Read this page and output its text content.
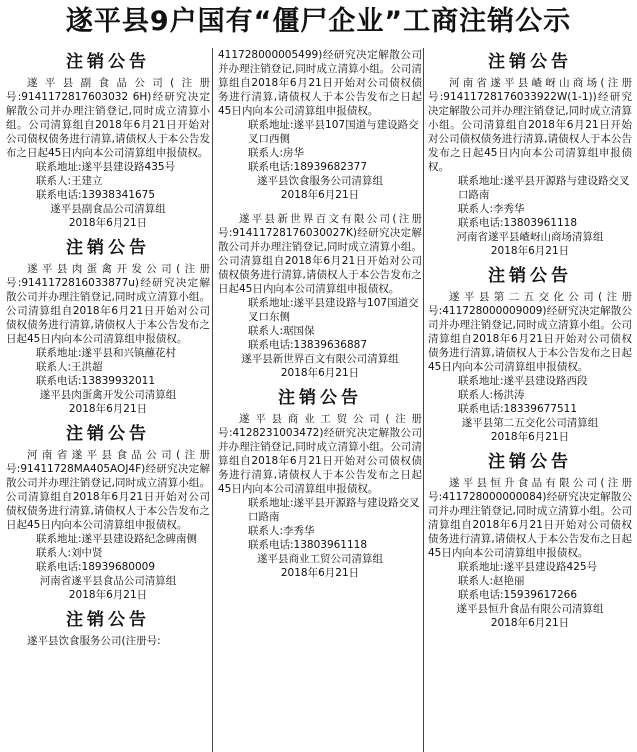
遂平县9户国有“僵尸企业”工商注销公示
注销公告

遂平县副食品公司(注册号:9141172817603032 6H)经研究决定解散公司并办理注销登记,同时成立清算小组。公司清算组自2018年6月21日开始对公司债权债务进行清算,请债权人于本公告发布之日起45日内向本公司清算组申报债权。

联系地址:遂平县建设路435号

联系人:王建立

联系电话:13938341675

遂平县副食品公司清算组

2018年6月21日

注销公告

遂平县肉蛋禽开发公司(注册号:9141172816033877u)经研究决定解散公司并办理注销登记,同时成立清算小组。公司清算组自2018年6月21日开始对公司债权债务进行清算,请债权人于本公告发布之日起45日内向本公司清算组申报债权。

联系地址:遂平县和兴镇蘸花村

联系人:王洪超

联系电话:13839932011

遂平县肉蛋禽开发公司清算组

2018年6月21日

注销公告

河南省遂平县食品公司(注册号:91411728MA405AOJ4F)经研究决定解散公司并办理注销登记,同时成立清算小组。公司清算组自2018年6月21日开始对公司债权债务进行清算,请债权人于本公告发布之日起45日内向本公司清算组申报债权。

联系地址:遂平县建设路纪念碑南侧

联系人:刘中贤

联系电话:18939680009

河南省遂平县食品公司清算组

2018年6月21日

注销公告

遂平县饮食服务公司(注册号:

411728000005499)经研究决定解散公司并办理注销登记,同时成立清算小组。公司清算组自2018年6月21日开始对公司债权债务进行清算,请债权人于本公告发布之日起45日内向本公司清算组申报债权。

联系地址:遂平县107国道与建设路交叉口西侧

联系人:房华

联系电话:18939682377

遂平县饮食服务公司清算组

2018年6月21日

遂平县新世界百文有限公司(注册号:91411728176030027K)经研究决定解散公司并办理注销登记,同时成立清算小组。公司清算组自2018年6月21日开始对公司债权债务进行清算,请债权人于本公告发布之日起45日内向本公司清算组申报债权。

联系地址:遂平县建设路与107国道交叉口东侧

联系人:琚国保

联系电话:13839636887

遂平县新世界百文有限公司清算组

2018年6月21日

注销公告

遂平县商业工贸公司(注册号:4128231003472)经研究决定解散公司并办理注销登记,同时成立清算小组。公司清算组自2018年6月21日开始对公司债权债务进行清算,请债权人于本公告发布之日起45日内向本公司清算组申报债权。

联系地址:遂平县开源路与建设路交叉口路南

联系人:李秀华

联系电话:13803961118

遂平县商业工贸公司清算组

2018年6月21日

注销公告

河南省遂平县嵖岈山商场(注册号:91411728176033922W(1-1))经研究决定解散公司并办理注销登记,同时成立清算小组。公司清算组自2018年6月21日开始对公司债权债务进行清算,请债权人于本公告发布之日起45日内向本公司清算组申报债权。

联系地址:遂平县开源路与建设路交叉口路南

联系人:李秀华

联系电话:13803961118

河南省遂平县嵖岈山商场清算组

2018年6月21日

注销公告

遂平县第二五交化公司(注册号:411728000009009)经研究决定解散公司并办理注销登记,同时成立清算小组。公司清算组自2018年6月21日开始对公司债权债务进行清算,请债权人于本公告发布之日起45日内向本公司清算组申报债权。

联系地址:遂平县建设路西段

联系人:杨洪涛

联系电话:18339677511

遂平县第二五交化公司清算组

2018年6月21日

注销公告

遂平县恒升食品有限公司(注册号:411728000000084)经研究决定解散公司并办理注销登记,同时成立清算小组。公司清算组自2018年6月21日开始对公司债权债务进行清算,请债权人于本公告发布之日起45日内向本公司清算组申报债权。

联系地址:遂平县建设路425号

联系人:赵艳丽

联系电话:15939617266

遂平县恒升食品有限公司清算组

2018年6月21日
